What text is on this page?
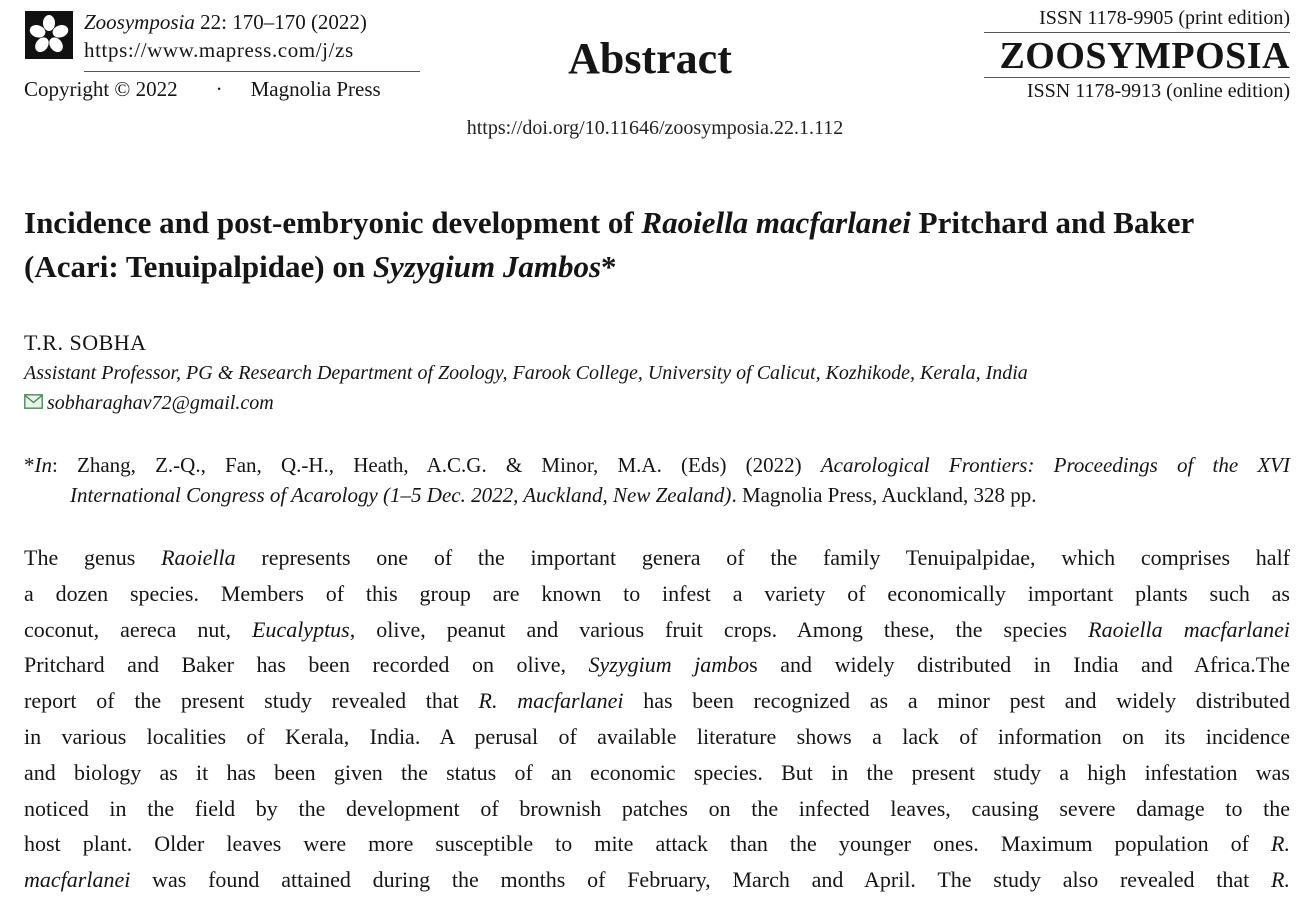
Zoosymposia 22: 170–170 (2022)
https://www.mapress.com/j/zs
Copyright © 2022 · Magnolia Press
Abstract
https://doi.org/10.11646/zoosymposia.22.1.112
ISSN 1178-9905 (print edition)
ZOOSYMPOSIA
ISSN 1178-9913 (online edition)
Incidence and post-embryonic development of Raoiella macfarlanei Pritchard and Baker (Acari: Tenuipalpidae) on Syzygium Jambos*
T.R. SOBHA
Assistant Professor, PG & Research Department of Zoology, Farook College, University of Calicut, Kozhikode, Kerala, India
sobharaghav72@gmail.com
*In: Zhang, Z.-Q., Fan, Q.-H., Heath, A.C.G. & Minor, M.A. (Eds) (2022) Acarological Frontiers: Proceedings of the XVI
International Congress of Acarology (1–5 Dec. 2022, Auckland, New Zealand). Magnolia Press, Auckland, 328 pp.
The genus Raoiella represents one of the important genera of the family Tenuipalpidae, which comprises half
a dozen species. Members of this group are known to infest a variety of economically important plants such as
coconut, aereca nut, Eucalyptus, olive, peanut and various fruit crops. Among these, the species Raoiella macfarlanei
Pritchard and Baker has been recorded on olive, Syzygium jambos and widely distributed in India and Africa.The
report of the present study revealed that R. macfarlanei has been recognized as a minor pest and widely distributed
in various localities of Kerala, India. A perusal of available literature shows a lack of information on its incidence
and biology as it has been given the status of an economic species. But in the present study a high infestation was
noticed in the field by the development of brownish patches on the infected leaves, causing severe damage to the
host plant. Older leaves were more susceptible to mite attack than the younger ones. Maximum population of R.
macfarlanei was found attained during the months of February, March and April. The study also revealed that R.
